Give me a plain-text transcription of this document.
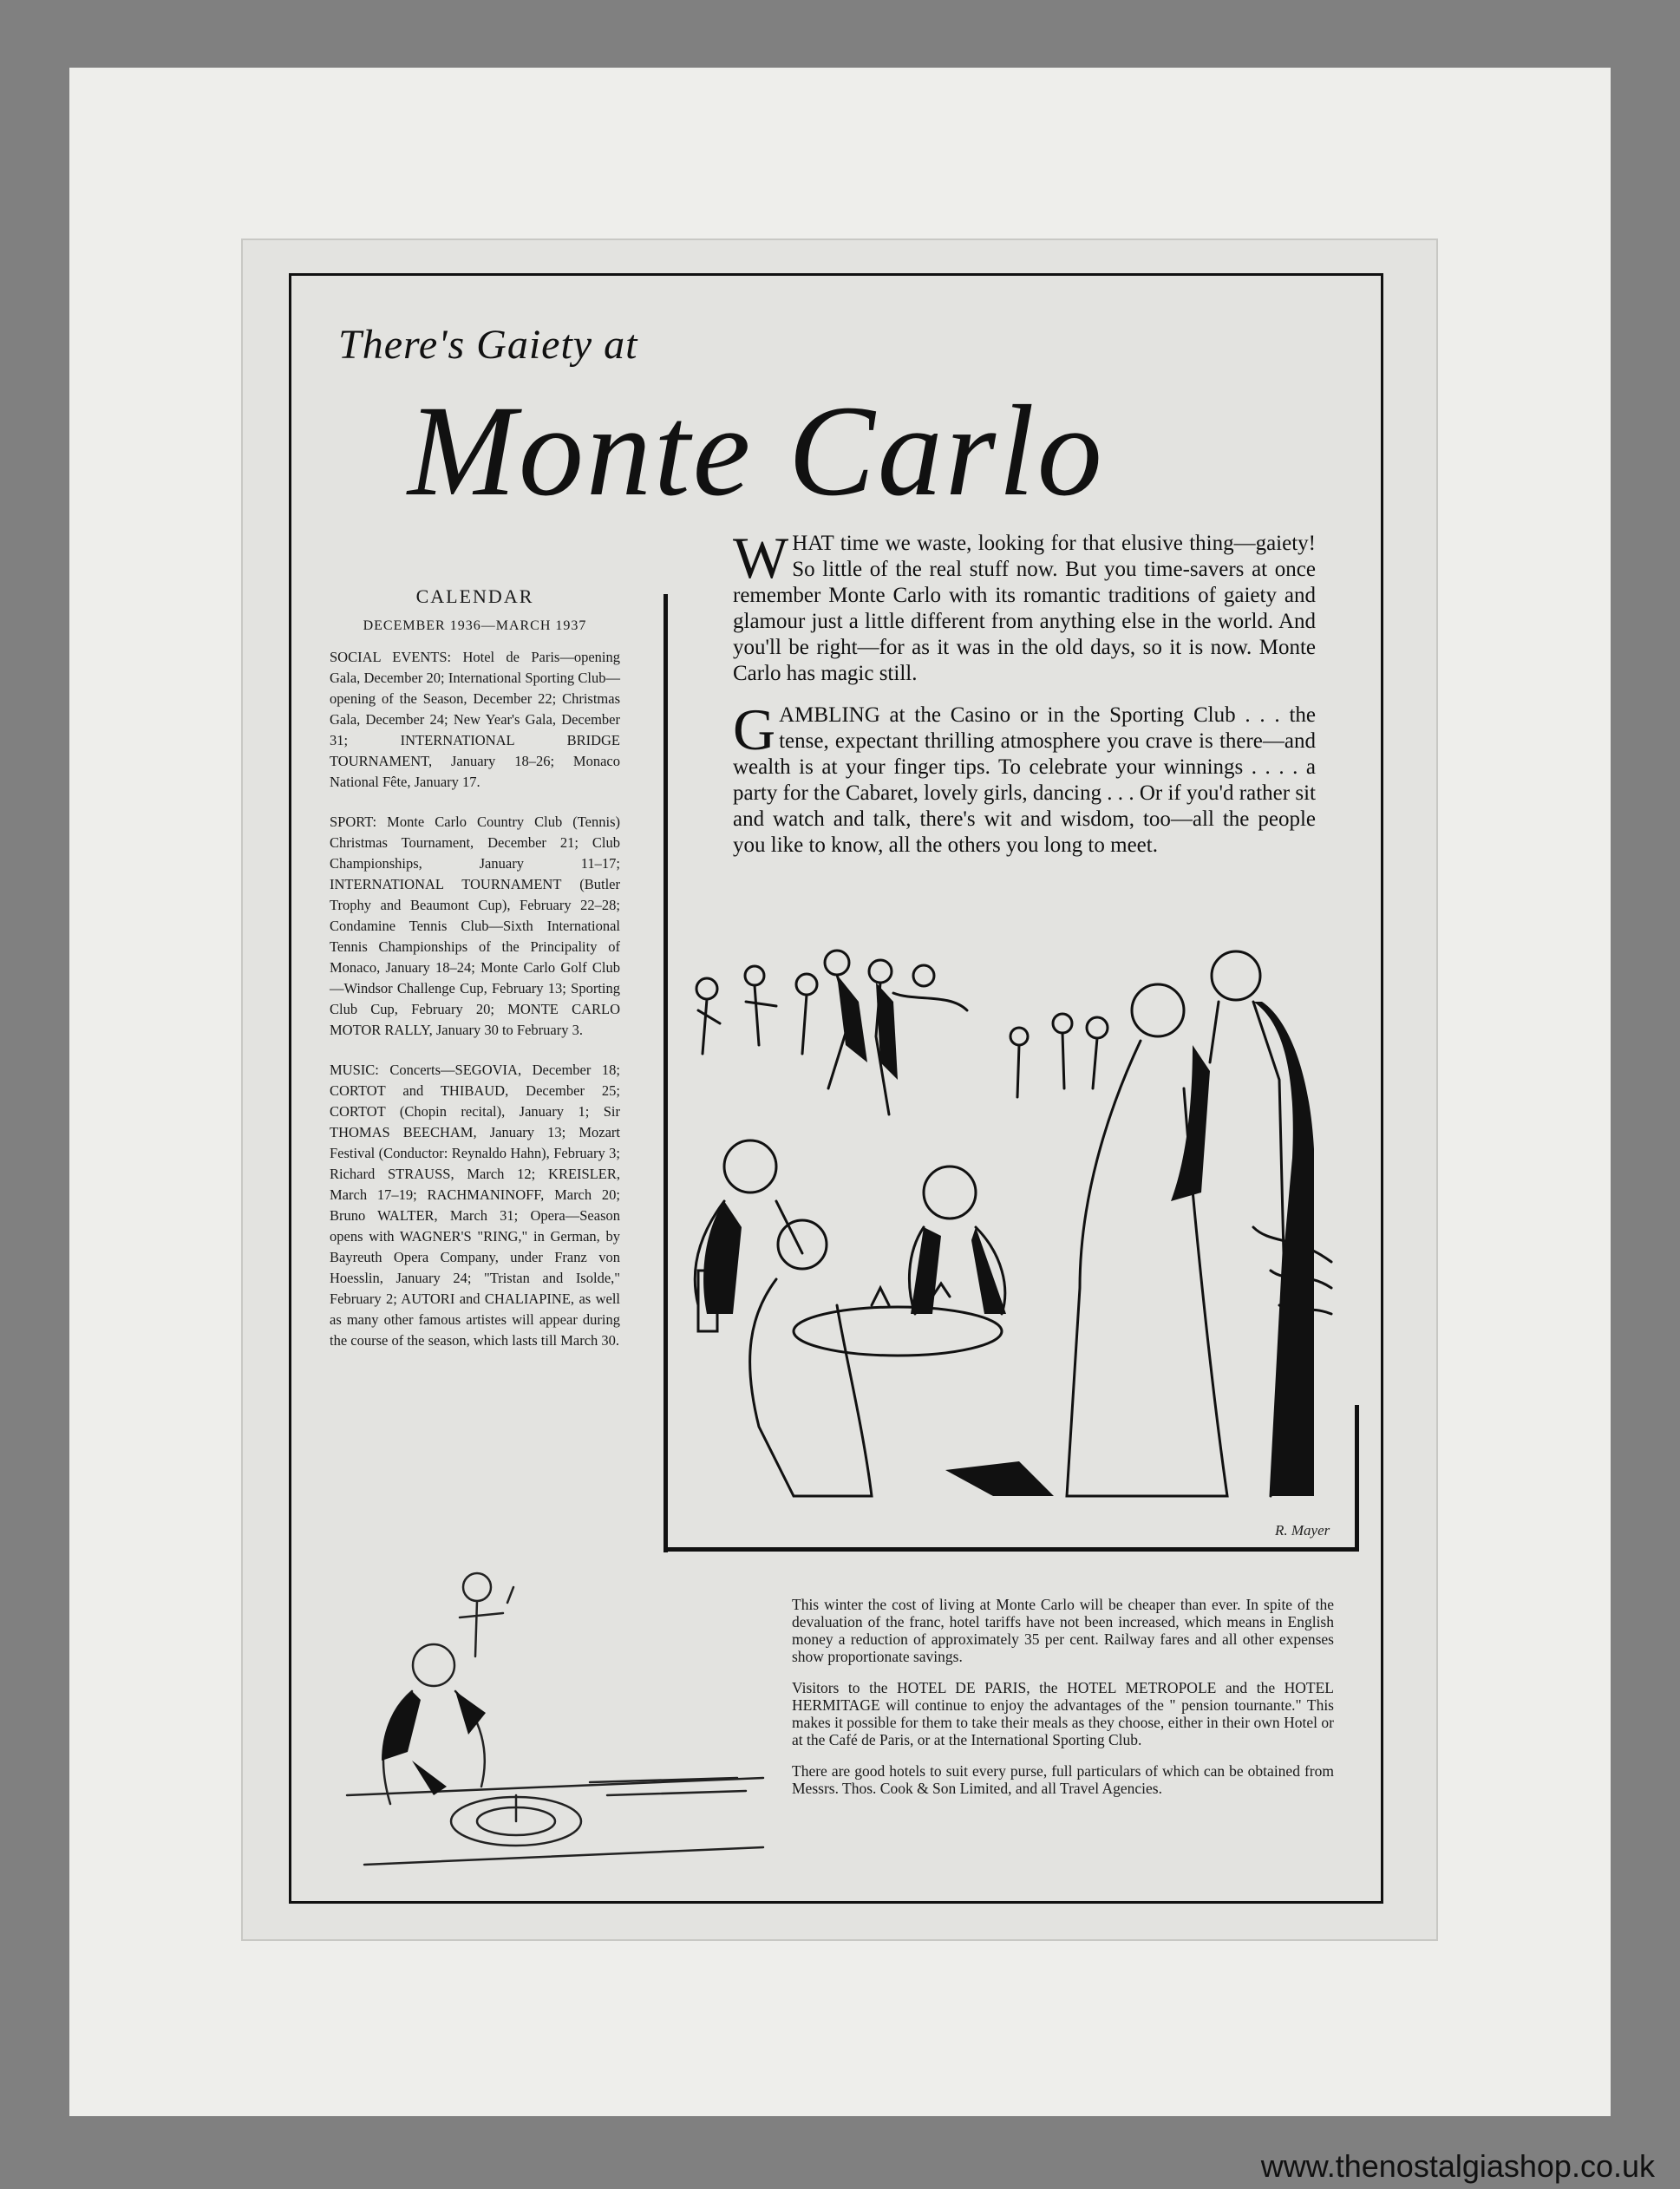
There's Gaiety at
Monte Carlo
CALENDAR
DECEMBER 1936—MARCH 1937

SOCIAL EVENTS: Hotel de Paris—opening Gala, December 20; International Sporting Club—opening of the Season, December 22; Christmas Gala, December 24; New Year's Gala, December 31; INTERNATIONAL BRIDGE TOURNAMENT, January 18–26; Monaco National Fête, January 17.

SPORT: Monte Carlo Country Club (Tennis) Christmas Tournament, December 21; Club Championships, January 11–17; INTERNATIONAL TOURNAMENT (Butler Trophy and Beaumont Cup), February 22–28; Condamine Tennis Club—Sixth International Tennis Championships of the Principality of Monaco, January 18–24; Monte Carlo Golf Club—Windsor Challenge Cup, February 13; Sporting Club Cup, February 20; MONTE CARLO MOTOR RALLY, January 30 to February 3.

MUSIC: Concerts—SEGOVIA, December 18; CORTOT and THIBAUD, December 25; CORTOT (Chopin recital), January 1; Sir THOMAS BEECHAM, January 13; Mozart Festival (Conductor: Reynaldo Hahn), February 3; Richard STRAUSS, March 12; KREISLER, March 17–19; RACHMANINOFF, March 20; Bruno WALTER, March 31; Opera—Season opens with WAGNER'S "RING," in German, by Bayreuth Opera Company, under Franz von Hoesslin, January 24; "Tristan and Isolde," February 2; AUTORI and CHALIAPINE, as well as many other famous artistes will appear during the course of the season, which lasts till March 30.

WHAT time we waste, looking for that elusive thing—gaiety! So little of the real stuff now. But you time-savers at once remember Monte Carlo with its romantic traditions of gaiety and glamour just a little different from anything else in the world. And you'll be right—for as it was in the old days, so it is now. Monte Carlo has magic still.

GAMBLING at the Casino or in the Sporting Club . . . the tense, expectant thrilling atmosphere you crave is there—and wealth is at your finger tips. To celebrate your winnings . . . . a party for the Cabaret, lovely girls, dancing . . . Or if you'd rather sit and watch and talk, there's wit and wisdom, too—all the people you like to know, all the others you long to meet.

R. Mayer

This winter the cost of living at Monte Carlo will be cheaper than ever. In spite of the devaluation of the franc, hotel tariffs have not been increased, which means in English money a reduction of approximately 35 per cent. Railway fares and all other expenses show proportionate savings.

Visitors to the HOTEL DE PARIS, the HOTEL METROPOLE and the HOTEL HERMITAGE will continue to enjoy the advantages of the " pension tournante." This makes it possible for them to take their meals as they choose, either in their own Hotel or at the Café de Paris, or at the International Sporting Club.

There are good hotels to suit every purse, full particulars of which can be obtained from Messrs. Thos. Cook & Son Limited, and all Travel Agencies.

www.thenostalgiashop.co.uk
